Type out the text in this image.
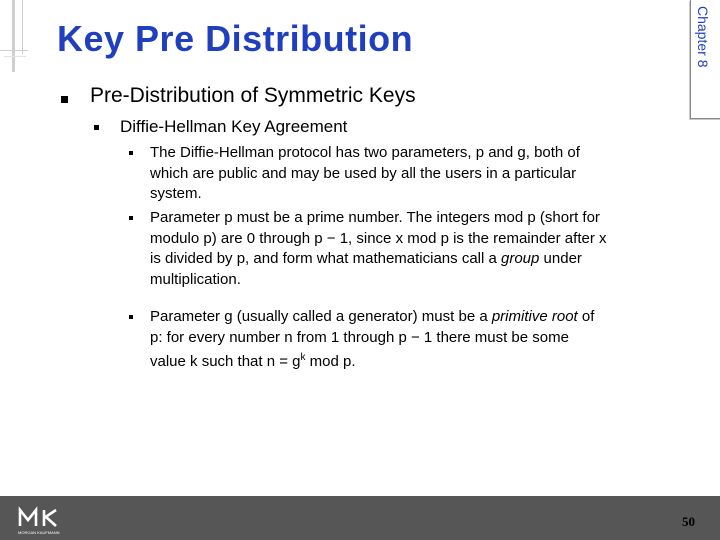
Key Pre Distribution	Chapter 8
Pre-Distribution of Symmetric Keys
Diffie-Hellman Key Agreement
The Diffie-Hellman protocol has two parameters, p and g, both of
which are public and may be used by all the users in a particular
system.
Parameter p must be a prime number. The integers mod p (short for
modulo p) are 0 through p − 1, since x mod p is the remainder after x
is divided by p, and form what mathematicians call a group under
multiplication.
Parameter g (usually called a generator) must be a primitive root of
p: for every number n from 1 through p − 1 there must be some
value k such that $n = g^k$ mod p.
MORGAN KAUFMANN
50
